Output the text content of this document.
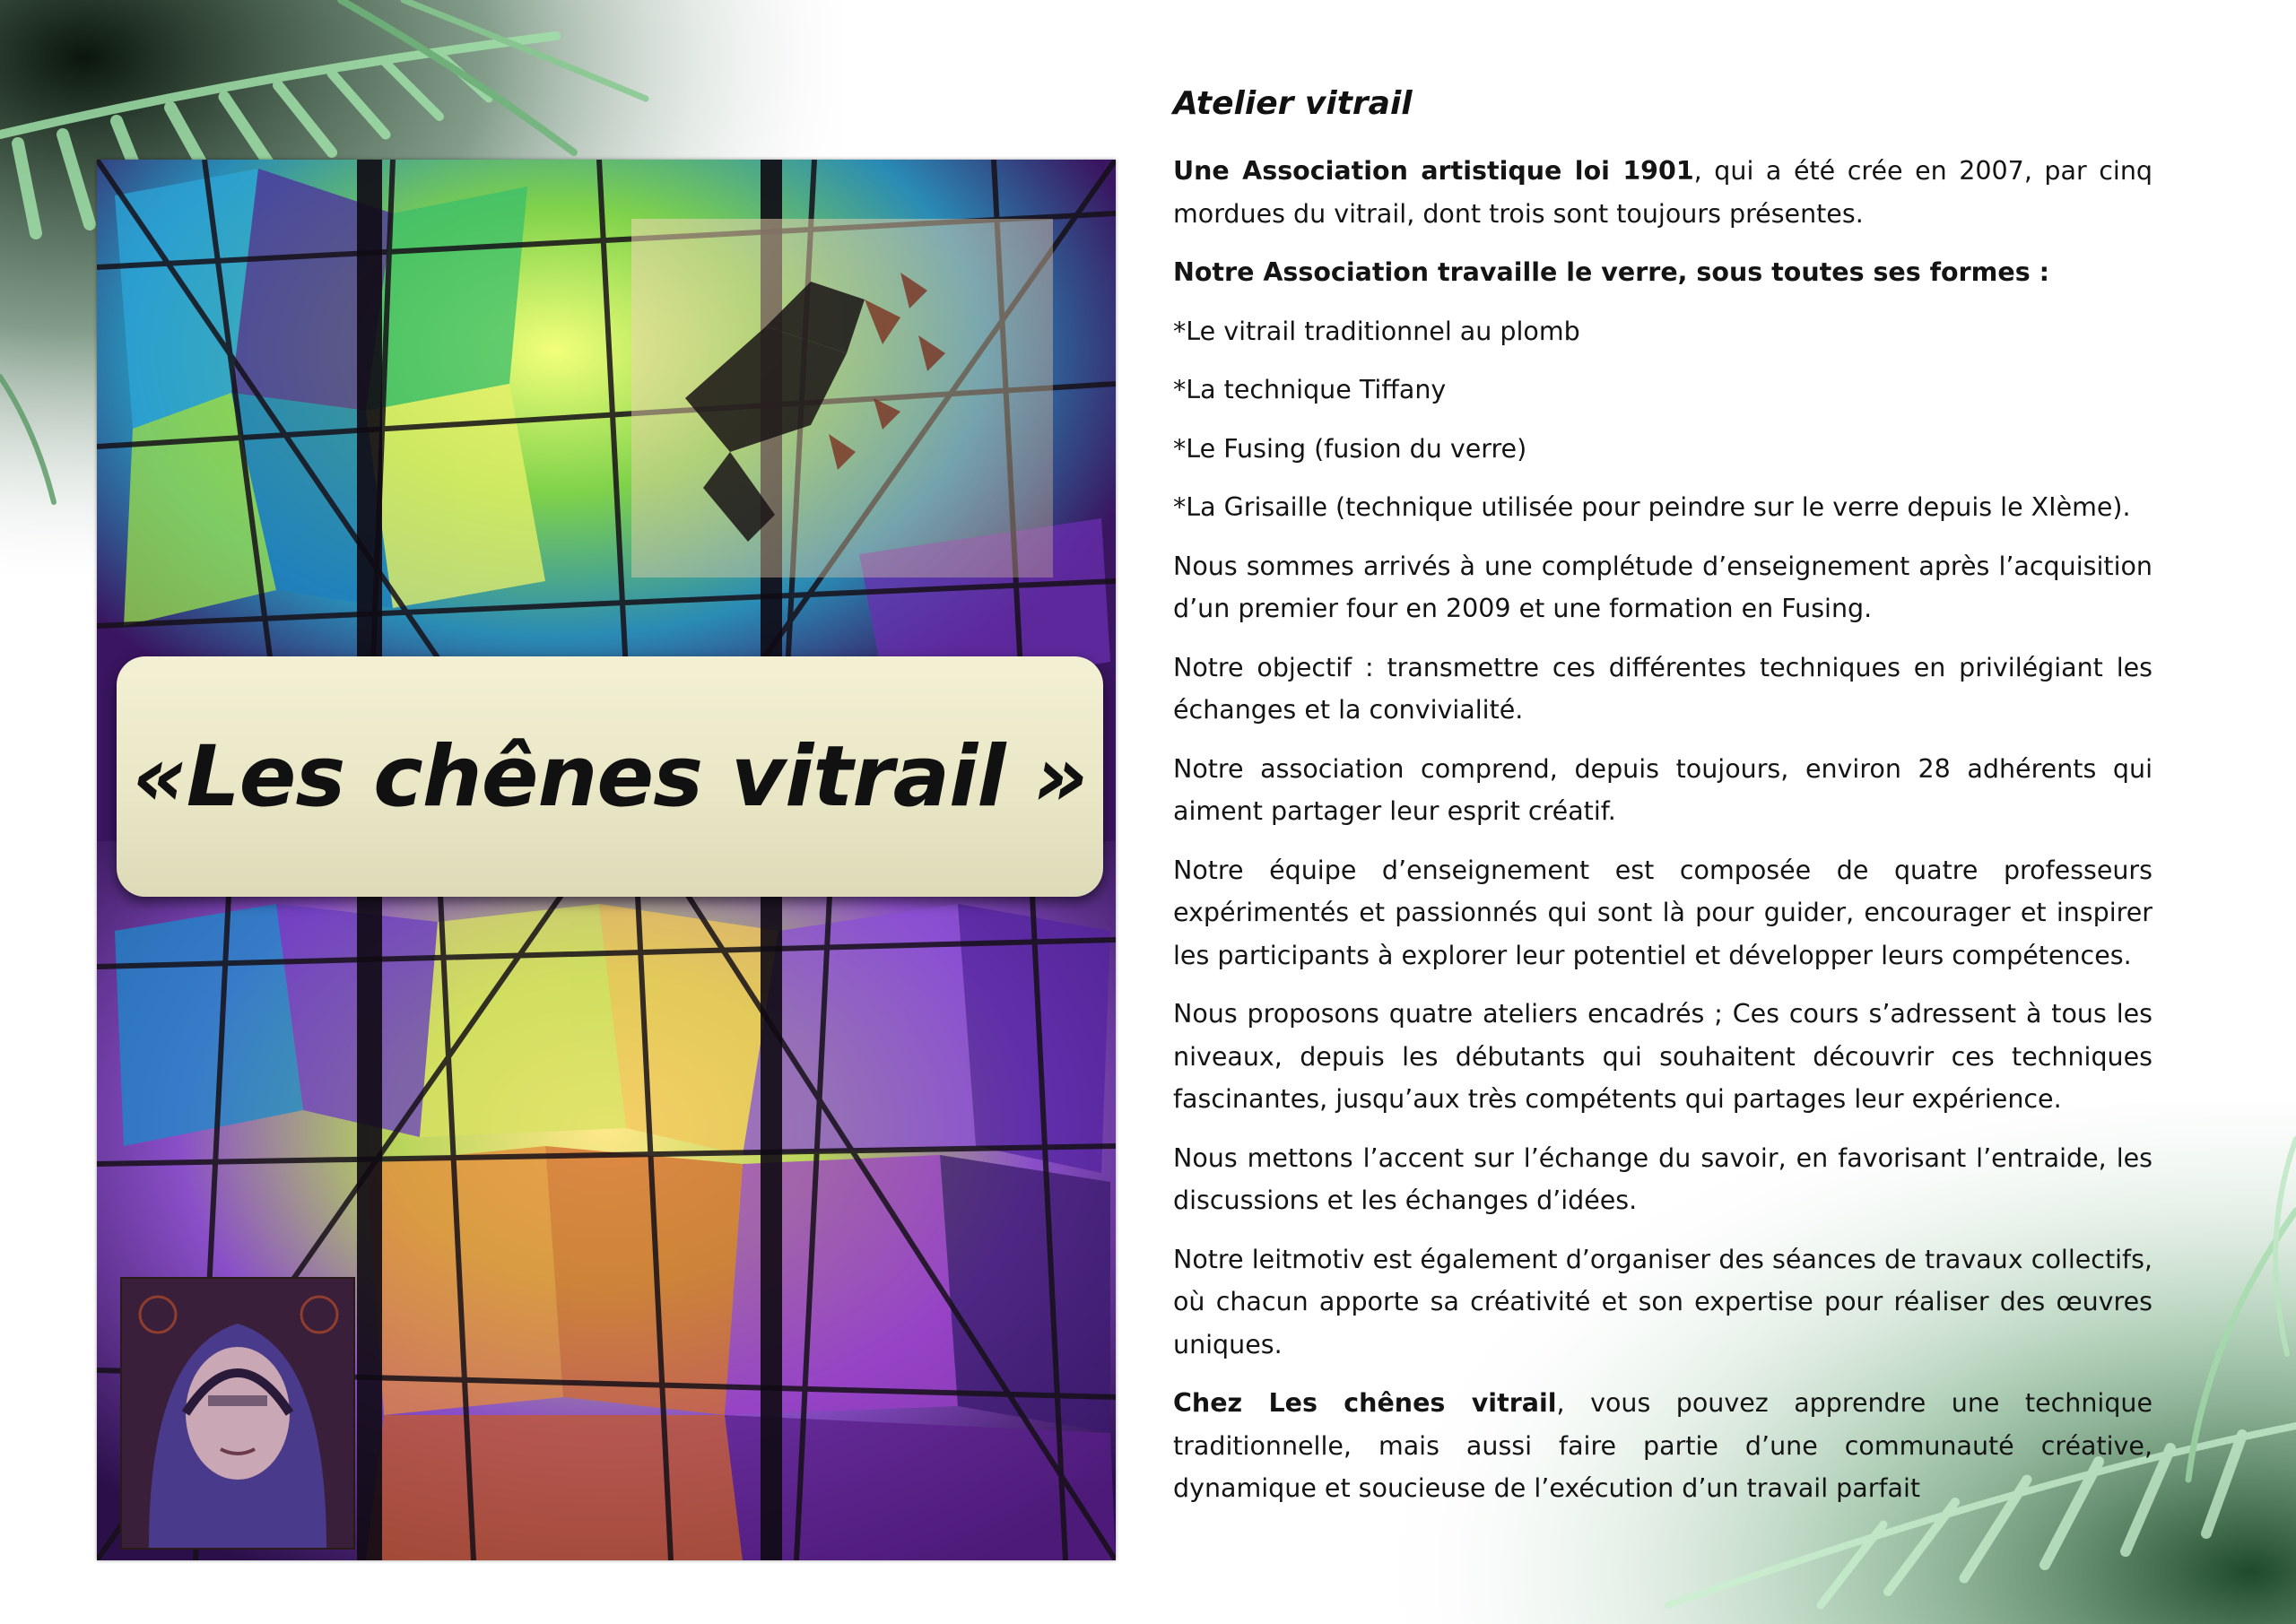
«Les chênes vitrail »
Atelier vitrail

Une Association artistique loi 1901, qui a été crée en 2007, par cinq mordues du vitrail, dont trois sont toujours présentes.

Notre Association travaille le verre, sous toutes ses formes :

*Le vitrail traditionnel au plomb

*La technique Tiffany

*Le Fusing (fusion du verre)

*La Grisaille (technique utilisée pour peindre sur le verre depuis le XIème).

Nous sommes arrivés à une complétude d’enseignement après l’acquisition d’un premier four en 2009 et une formation en Fusing.

Notre objectif : transmettre ces différentes techniques en privilégiant les échanges et la convivialité.

Notre association comprend, depuis toujours, environ 28 adhérents qui aiment partager leur esprit créatif.

Notre équipe d’enseignement est composée de quatre professeurs expérimentés et passionnés qui sont là pour guider, encourager et inspirer les participants à explorer leur potentiel et développer leurs compétences.

Nous proposons quatre ateliers encadrés ; Ces cours s’adressent à tous les niveaux, depuis les débutants qui souhaitent découvrir ces techniques fascinantes, jusqu’aux très compétents qui partages leur expérience.

Nous mettons l’accent sur l’échange du savoir, en favorisant l’entraide, les discussions et les échanges d’idées.

Notre leitmotiv est également d’organiser des séances de travaux collectifs, où chacun apporte sa créativité et son expertise pour réaliser des œuvres uniques.

Chez Les chênes vitrail, vous pouvez apprendre une technique traditionnelle, mais aussi faire partie d’une communauté créative, dynamique et soucieuse de l’exécution d’un travail parfait
